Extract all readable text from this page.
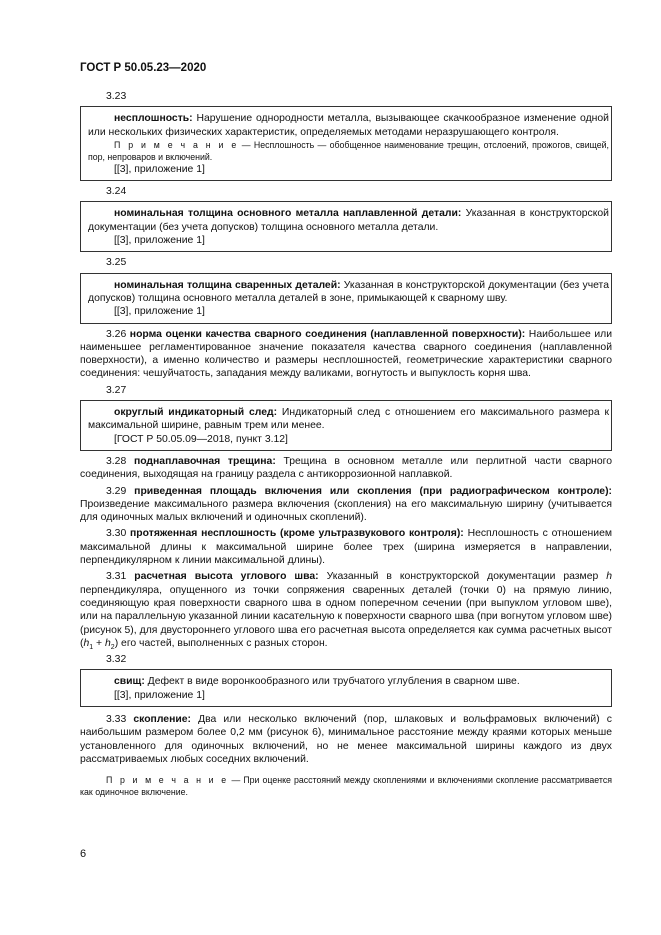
ГОСТ Р 50.05.23—2020

3.23

несплошность: Нарушение однородности металла, вызывающее скачкообразное изменение одной или нескольких физических характеристик, определяемых методами неразрушающего контроля.

П р и м е ч а н и е — Несплошность — обобщенное наименование трещин, отслоений, прожогов, свищей, пор, непроваров и включений.

[[3], приложение 1]

3.24

номинальная толщина основного металла наплавленной детали: Указанная в конструкторской документации (без учета допусков) толщина основного металла детали.

[[3], приложение 1]

3.25

номинальная толщина сваренных деталей: Указанная в конструкторской документации (без учета допусков) толщина основного металла деталей в зоне, примыкающей к сварному шву.

[[3], приложение 1]

3.26 норма оценки качества сварного соединения (наплавленной поверхности): Наибольшее или наименьшее регламентированное значение показателя качества сварного соединения (наплавленной поверхности), а именно количество и размеры несплошностей, геометрические характеристики сварного соединения: чешуйчатость, западания между валиками, вогнутость и выпуклость корня шва.

3.27

округлый индикаторный след: Индикаторный след с отношением его максимального размера к максимальной ширине, равным трем или менее.

[ГОСТ Р 50.05.09—2018, пункт 3.12]

3.28 поднаплавочная трещина: Трещина в основном металле или перлитной части сварного соединения, выходящая на границу раздела с антикоррозионной наплавкой.

3.29 приведенная площадь включения или скопления (при радиографическом контроле): Произведение максимального размера включения (скопления) на его максимальную ширину (учитывается для одиночных малых включений и одиночных скоплений).

3.30 протяженная несплошность (кроме ультразвукового контроля): Несплошность с отношением максимальной длины к максимальной ширине более трех (ширина измеряется в направлении, перпендикулярном к линии максимальной длины).

3.31 расчетная высота углового шва: Указанный в конструкторской документации размер h перпендикуляра, опущенного из точки сопряжения сваренных деталей (точки 0) на прямую линию, соединяющую края поверхности сварного шва в одном поперечном сечении (при выпуклом угловом шве), или на параллельную указанной линии касательную к поверхности сварного шва (при вогнутом угловом шве) (рисунок 5), для двустороннего углового шва его расчетная высота определяется как сумма расчетных высот $(h_1 + h_2)$ его частей, выполненных с разных сторон.

3.32

свищ: Дефект в виде воронкообразного или трубчатого углубления в сварном шве.

[[3], приложение 1]

3.33 скопление: Два или несколько включений (пор, шлаковых и вольфрамовых включений) с наибольшим размером более 0,2 мм (рисунок 6), минимальное расстояние между краями которых меньше установленного для одиночных включений, но не менее максимальной ширины каждого из двух рассматриваемых любых соседних включений.

П р и м е ч а н и е — При оценке расстояний между скоплениями и включениями скопление рассматривается как одиночное включение.

6
